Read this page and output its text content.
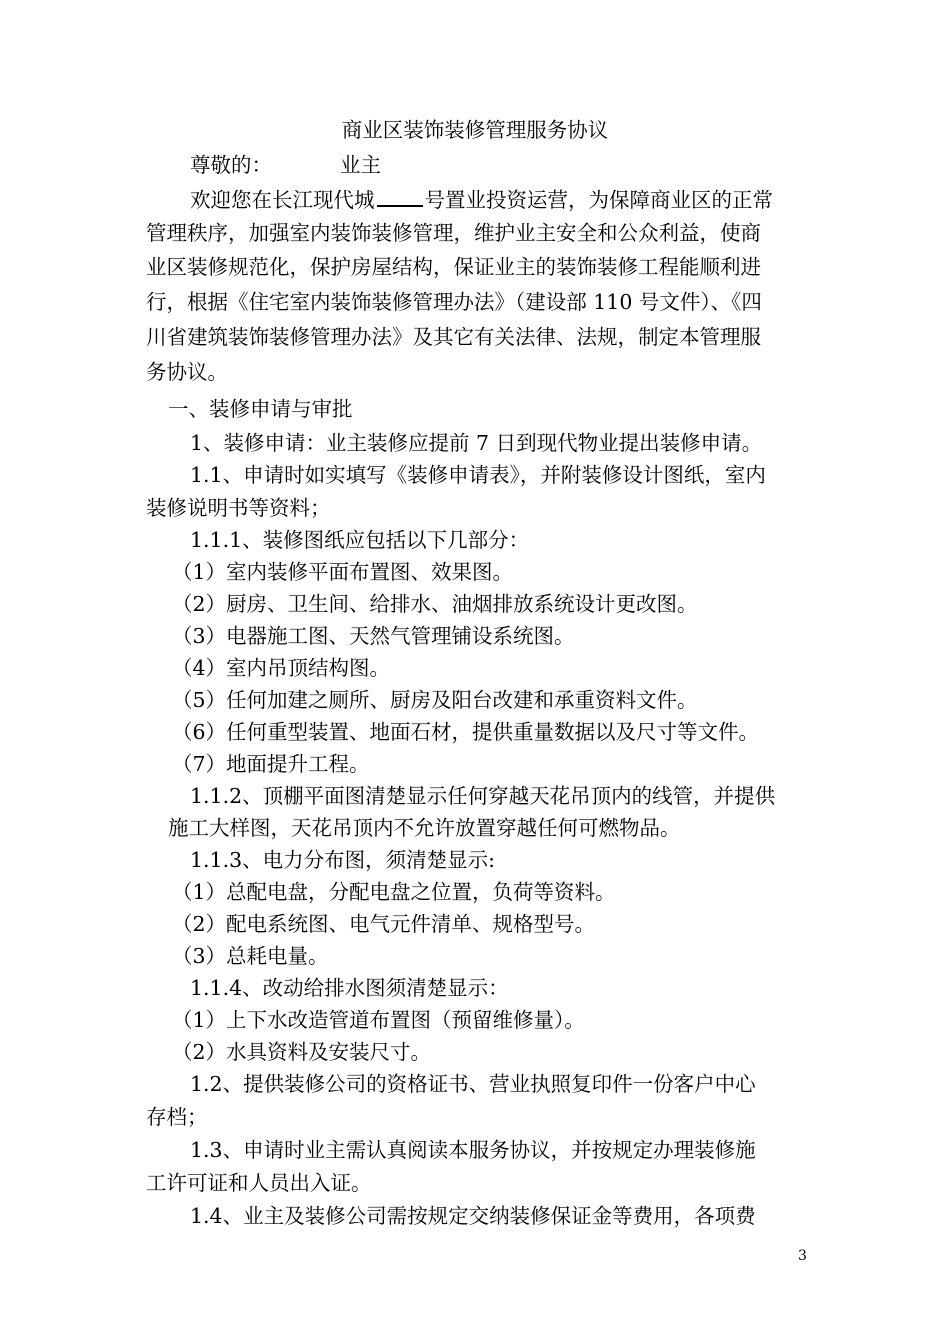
商业区装饰装修管理服务协议
尊敬的：	业主
欢迎您在长江现代城 号置业投资运营，为保障商业区的正常
管理秩序，加强室内装饰装修管理，维护业主安全和公众利益，使商
业区装修规范化，保护房屋结构，保证业主的装饰装修工程能顺利进
行，根据《住宅室内装饰装修管理办法》（建设部 110 号文件）、《四
川省建筑装饰装修管理办法》及其它有关法律、法规，制定本管理服
务协议。
一、装修申请与审批
1、装修申请：业主装修应提前 7 日到现代物业提出装修申请。
1.1、申请时如实填写《装修申请表》，并附装修设计图纸，室内
装修说明书等资料；
1.1.1、装修图纸应包括以下几部分：
（1）室内装修平面布置图、效果图。
（2）厨房、卫生间、给排水、油烟排放系统设计更改图。
（3）电器施工图、天然气管理铺设系统图。
（4）室内吊顶结构图。
（5）任何加建之厕所、厨房及阳台改建和承重资料文件。
（6）任何重型装置、地面石材，提供重量数据以及尺寸等文件。
（7）地面提升工程。
1.1.2、顶棚平面图清楚显示任何穿越天花吊顶内的线管，并提供
施工大样图，天花吊顶内不允许放置穿越任何可燃物品。
1.1.3、电力分布图，须清楚显示:
（1）总配电盘，分配电盘之位置，负荷等资料。
（2）配电系统图、电气元件清单、规格型号。
（3）总耗电量。
1.1.4、改动给排水图须清楚显示：
（1）上下水改造管道布置图（预留维修量）。
（2）水具资料及安装尺寸。
1.2、提供装修公司的资格证书、营业执照复印件一份客户中心
存档；
1.3、申请时业主需认真阅读本服务协议，并按规定办理装修施
工许可证和人员出入证。
1.4、业主及装修公司需按规定交纳装修保证金等费用，各项费
3
